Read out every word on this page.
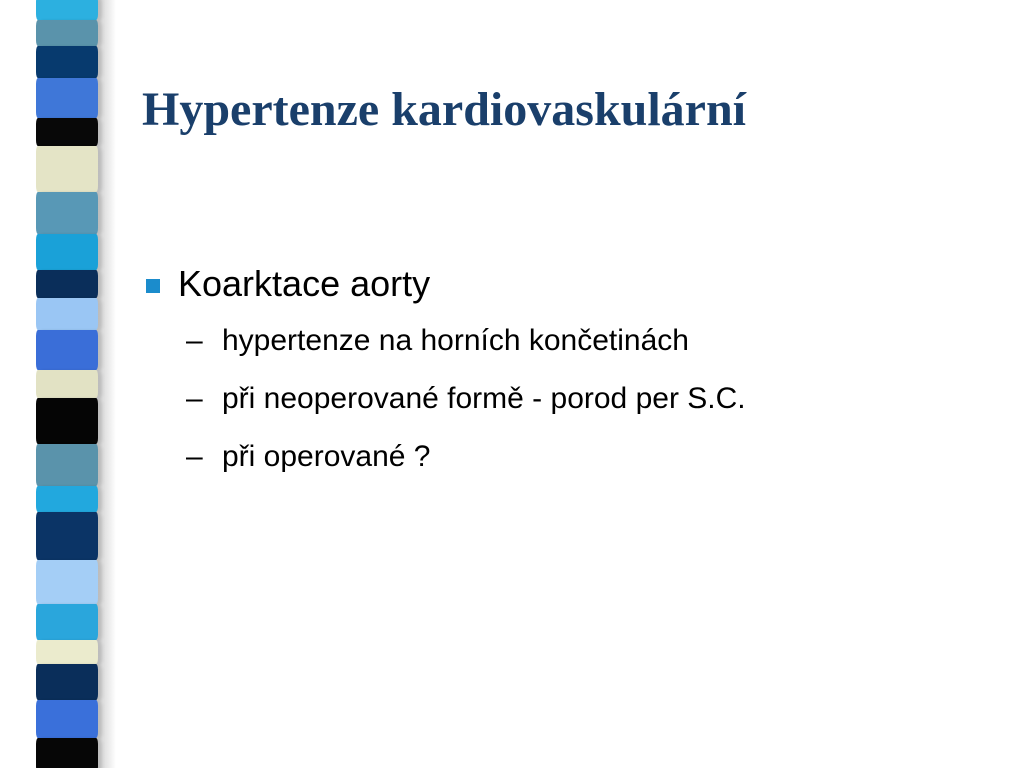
Hypertenze kardiovaskulární
Koarktace aorty
– hypertenze na horních končetinách
– při neoperované formě - porod per S.C.
– při operované ?
